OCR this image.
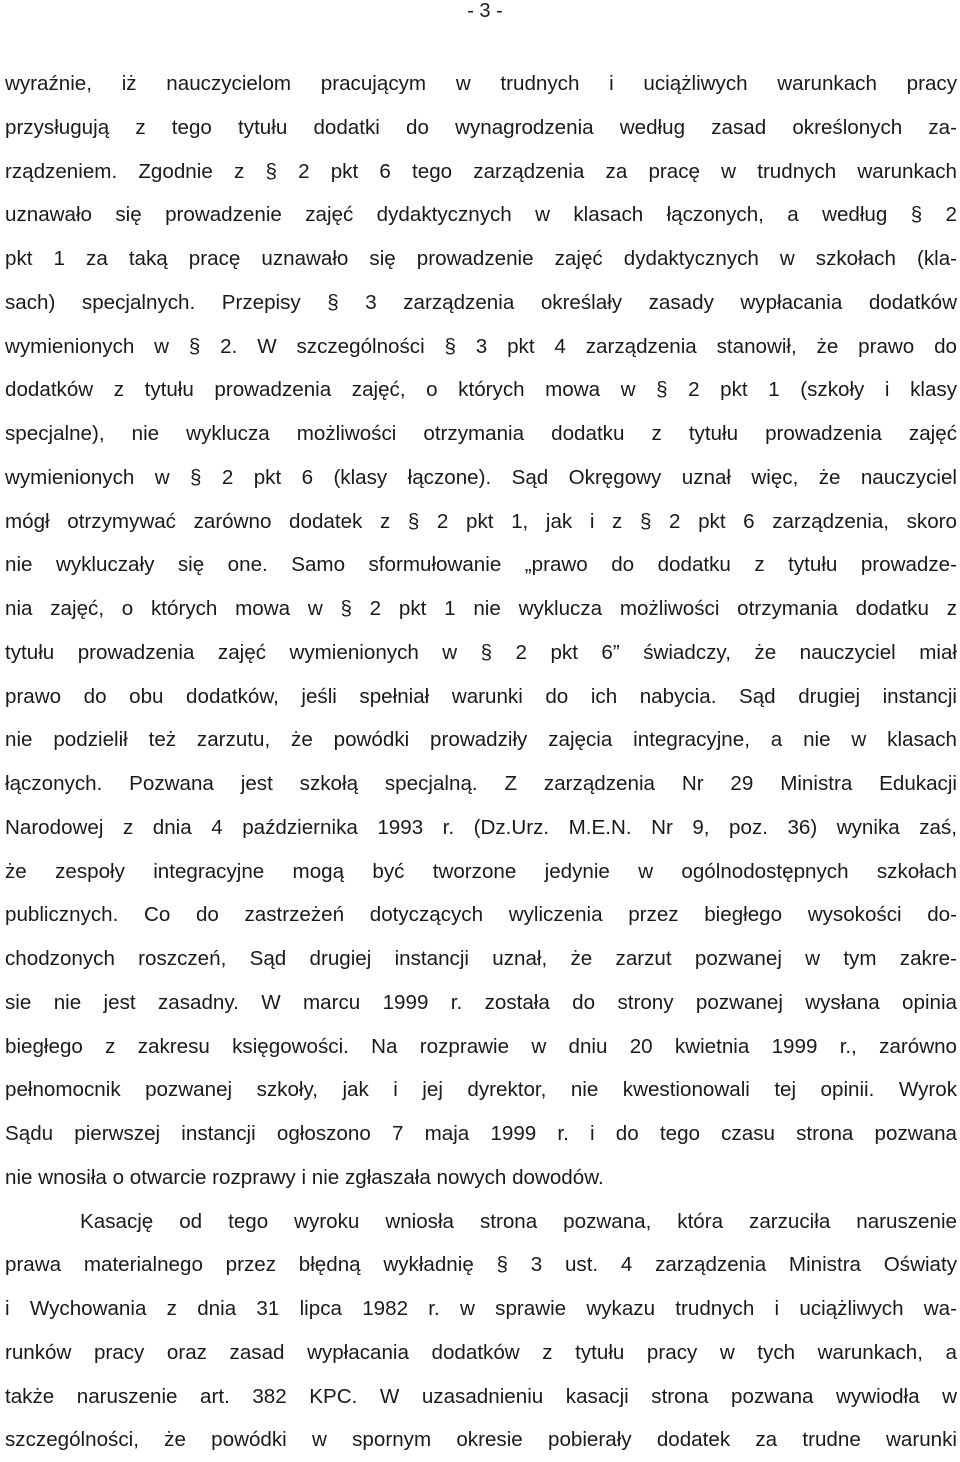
- 3 -
wyraźnie, iż nauczycielom pracującym w trudnych i uciążliwych warunkach pracy
przysługują z tego tytułu dodatki do wynagrodzenia według zasad określonych za-
rządzeniem. Zgodnie z § 2 pkt 6 tego zarządzenia za pracę w trudnych warunkach
uznawało się prowadzenie zajęć dydaktycznych w klasach łączonych, a według § 2
pkt 1 za taką pracę uznawało się prowadzenie zajęć dydaktycznych w szkołach (kla-
sach) specjalnych. Przepisy § 3 zarządzenia określały zasady wypłacania dodatków
wymienionych w § 2. W szczególności § 3 pkt 4 zarządzenia stanowił, że prawo do
dodatków z tytułu prowadzenia zajęć, o których mowa w § 2 pkt 1 (szkoły i klasy
specjalne), nie wyklucza możliwości otrzymania dodatku z tytułu prowadzenia zajęć
wymienionych w § 2 pkt 6 (klasy łączone). Sąd Okręgowy uznał więc, że nauczyciel
mógł otrzymywać zarówno dodatek z § 2 pkt 1, jak i z § 2 pkt 6 zarządzenia, skoro
nie wykluczały się one. Samo sformułowanie „prawo do dodatku z tytułu prowadze-
nia zajęć, o których mowa w § 2 pkt 1 nie wyklucza możliwości otrzymania dodatku z
tytułu prowadzenia zajęć wymienionych w § 2 pkt 6” świadczy, że nauczyciel miał
prawo do obu dodatków, jeśli spełniał warunki do ich nabycia. Sąd drugiej instancji
nie podzielił też zarzutu, że powódki prowadziły zajęcia integracyjne, a nie w klasach
łączonych. Pozwana jest szkołą specjalną. Z zarządzenia Nr 29 Ministra Edukacji
Narodowej z dnia 4 października 1993 r. (Dz.Urz. M.E.N. Nr 9, poz. 36) wynika zaś,
że zespoły integracyjne mogą być tworzone jedynie w ogólnodostępnych szkołach
publicznych. Co do zastrzeżeń dotyczących wyliczenia przez biegłego wysokości do-
chodzonych roszczeń, Sąd drugiej instancji uznał, że zarzut pozwanej w tym zakre-
sie nie jest zasadny. W marcu 1999 r. została do strony pozwanej wysłana opinia
biegłego z zakresu księgowości. Na rozprawie w dniu 20 kwietnia 1999 r., zarówno
pełnomocnik pozwanej szkoły, jak i jej dyrektor, nie kwestionowali tej opinii. Wyrok
Sądu pierwszej instancji ogłoszono 7 maja 1999 r. i do tego czasu strona pozwana
nie wnosiła o otwarcie rozprawy i nie zgłaszała nowych dowodów.
Kasację od tego wyroku wniosła strona pozwana, która zarzuciła naruszenie
prawa materialnego przez błędną wykładnię § 3 ust. 4 zarządzenia Ministra Oświaty
i Wychowania z dnia 31 lipca 1982 r. w sprawie wykazu trudnych i uciążliwych wa-
runków pracy oraz zasad wypłacania dodatków z tytułu pracy w tych warunkach, a
także naruszenie art. 382 KPC. W uzasadnieniu kasacji strona pozwana wywiodła w
szczególności, że powódki w spornym okresie pobierały dodatek za trudne warunki
